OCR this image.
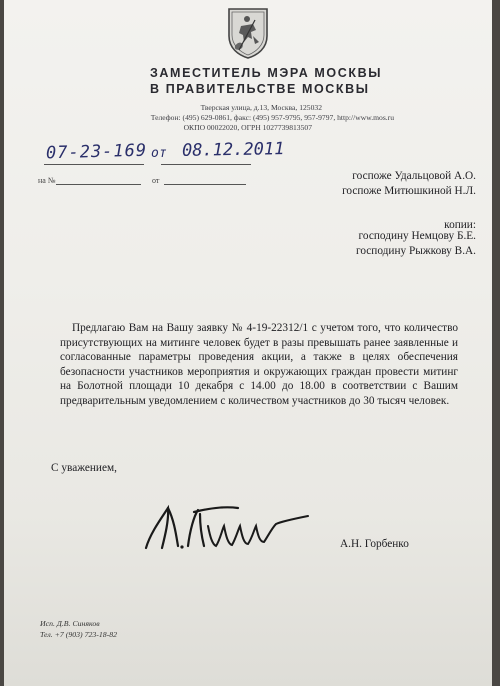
ЗАМЕСТИТЕЛЬ МЭРА МОСКВЫ
В ПРАВИТЕЛЬСТВЕ МОСКВЫ
Тверская улица, д.13, Москва, 125032
Телефон: (495) 629-0861, факс: (495) 957-9795, 957-9797, http://www.mos.ru
ОКПО 00022020, ОГРН 1027739813507
07-23-169 от 08.12.2011
на №	от	госпоже Удальцовой А.О.
госпоже Митюшкиной Н.Л.
копии:
господину Немцову Б.Е.
господину Рыжкову В.А.

Предлагаю Вам на Вашу заявку № 4-19-22312/1 с учетом того, что количество присутствующих на митинге человек будет в разы превышать ранее заявленные и согласованные параметры проведения акции, а также в целях обеспечения безопасности участников мероприятия и окружающих граждан провести митинг на Болотной площади 10 декабря с 14.00 до 18.00 в соответствии с Вашим предварительным уведомлением с количеством участников до 30 тысяч человек.

С уважением,
А.Н. Горбенко
Исп. Д.В. Синяков
Тел. +7 (903) 723-18-82
